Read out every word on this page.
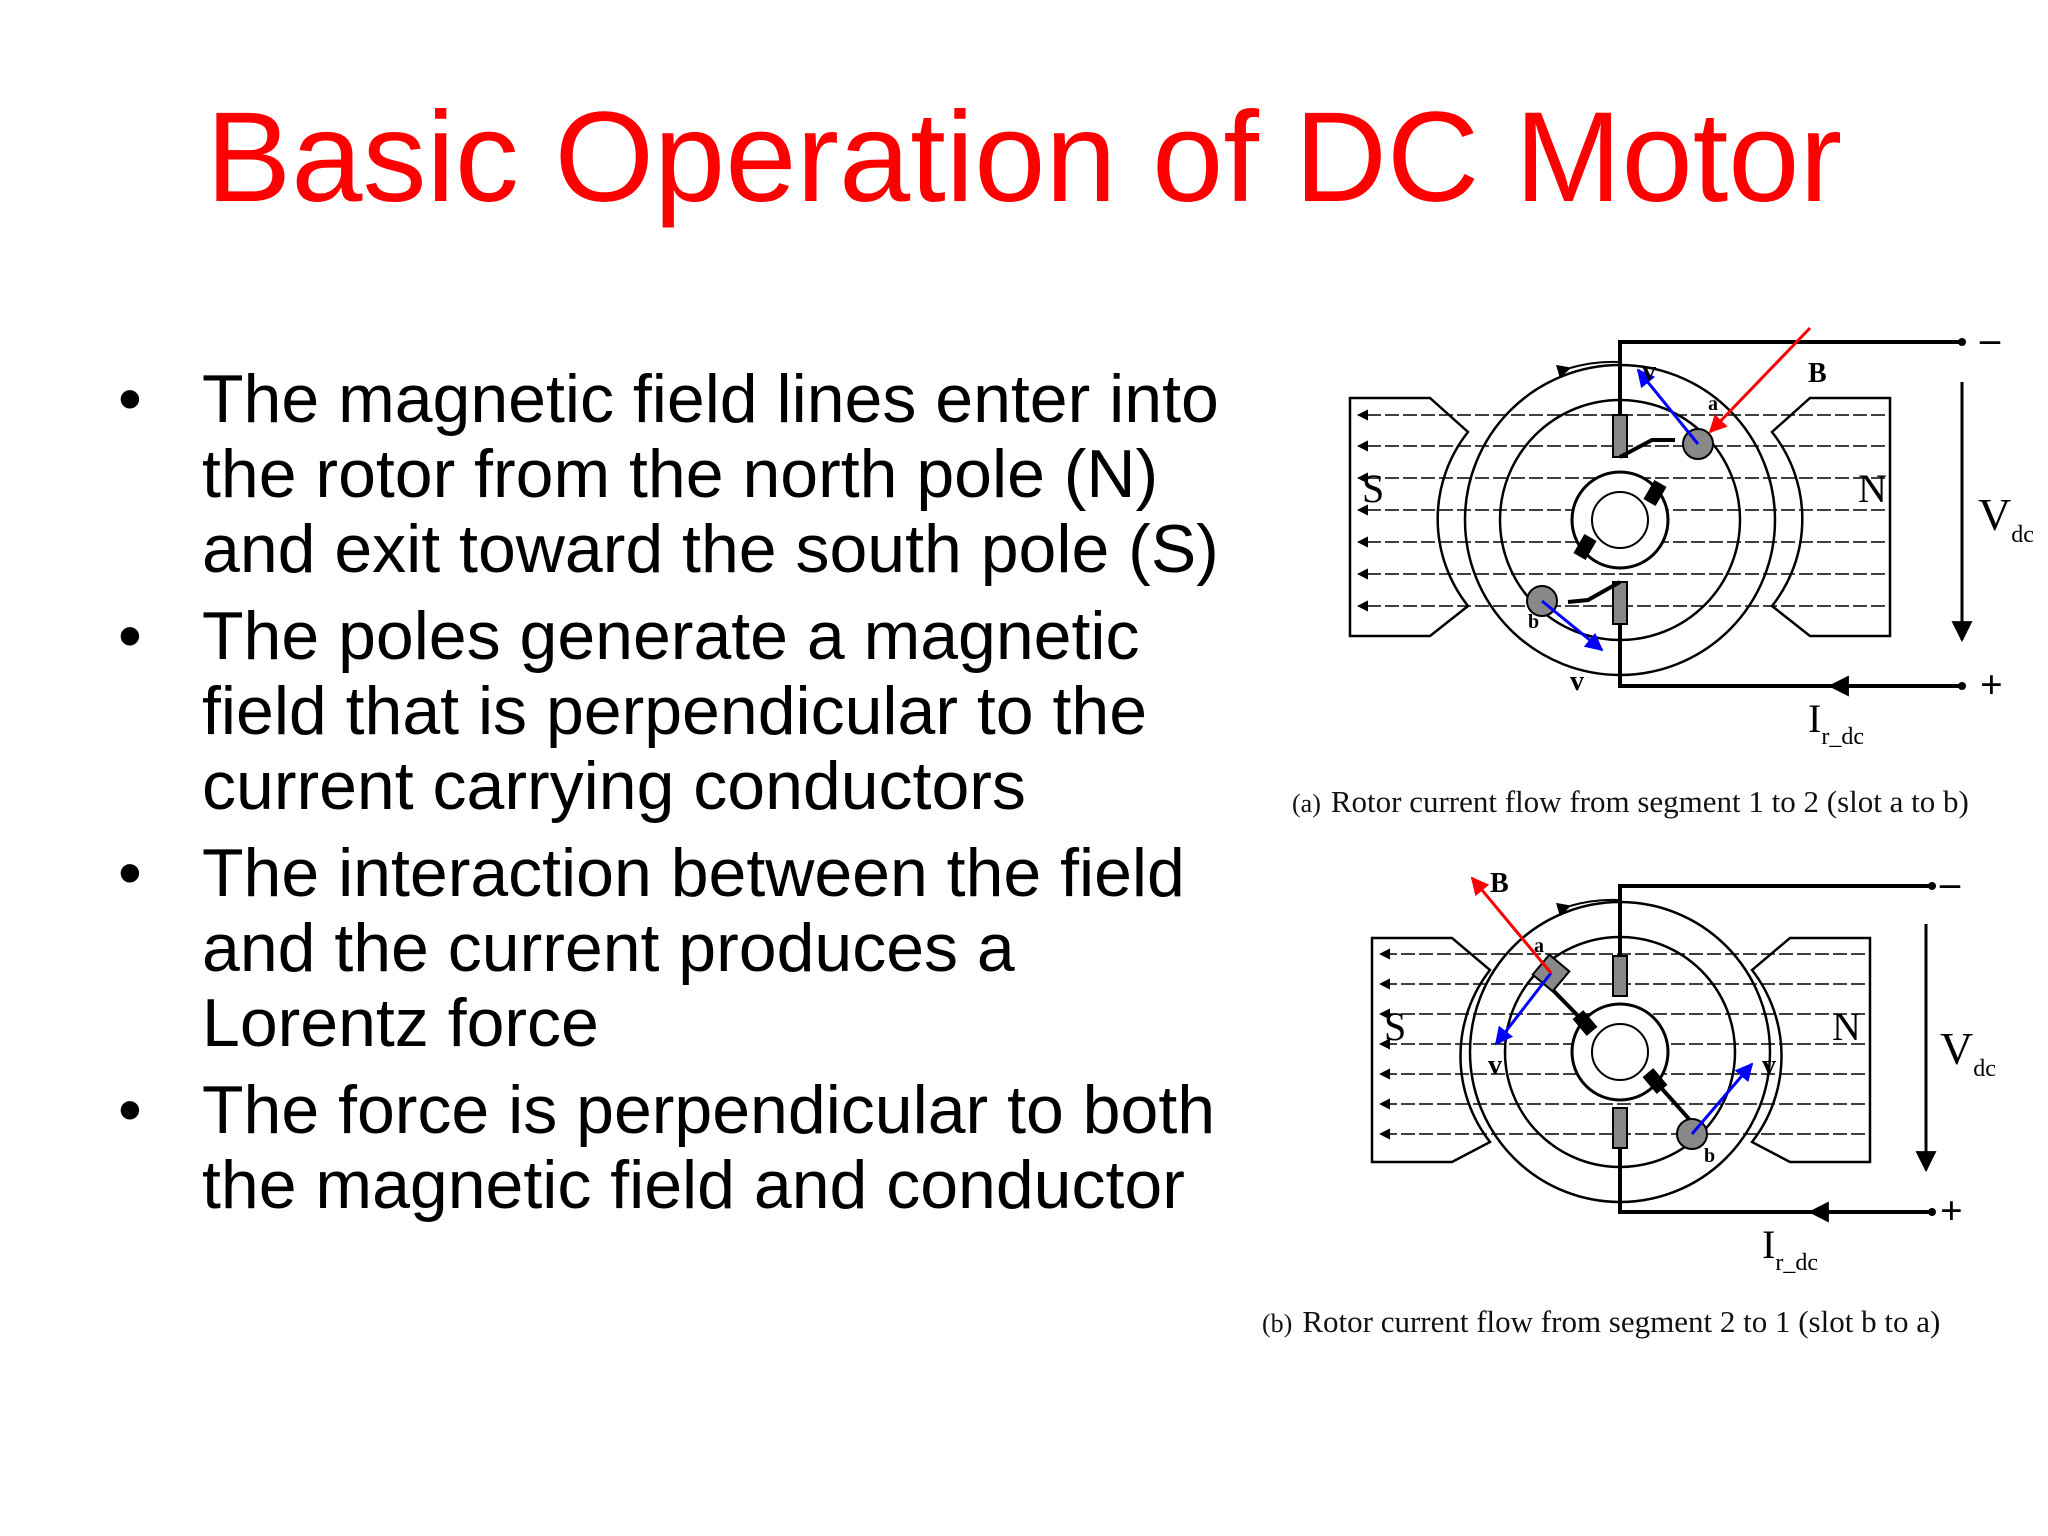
Basic Operation of DC Motor
• The magnetic field lines enter into
the rotor from the north pole (N)
and exit toward the south pole (S)
• The poles generate a magnetic
field that is perpendicular to the
current carrying conductors
• The interaction between the field
and the current produces a
Lorentz force
• The force is perpendicular to both
the magnetic field and conductor
v
v
B
a
b
S	N
–
+
$V_{dc}$
$I_{r\_dc}$
(a) Rotor current flow from segment 1 to 2 (slot a to b)
v	v
B
a
b
S	N
–
+
$V_{dc}$
$I_{r\_dc}$
(b) Rotor current flow from segment 2 to 1 (slot b to a)
